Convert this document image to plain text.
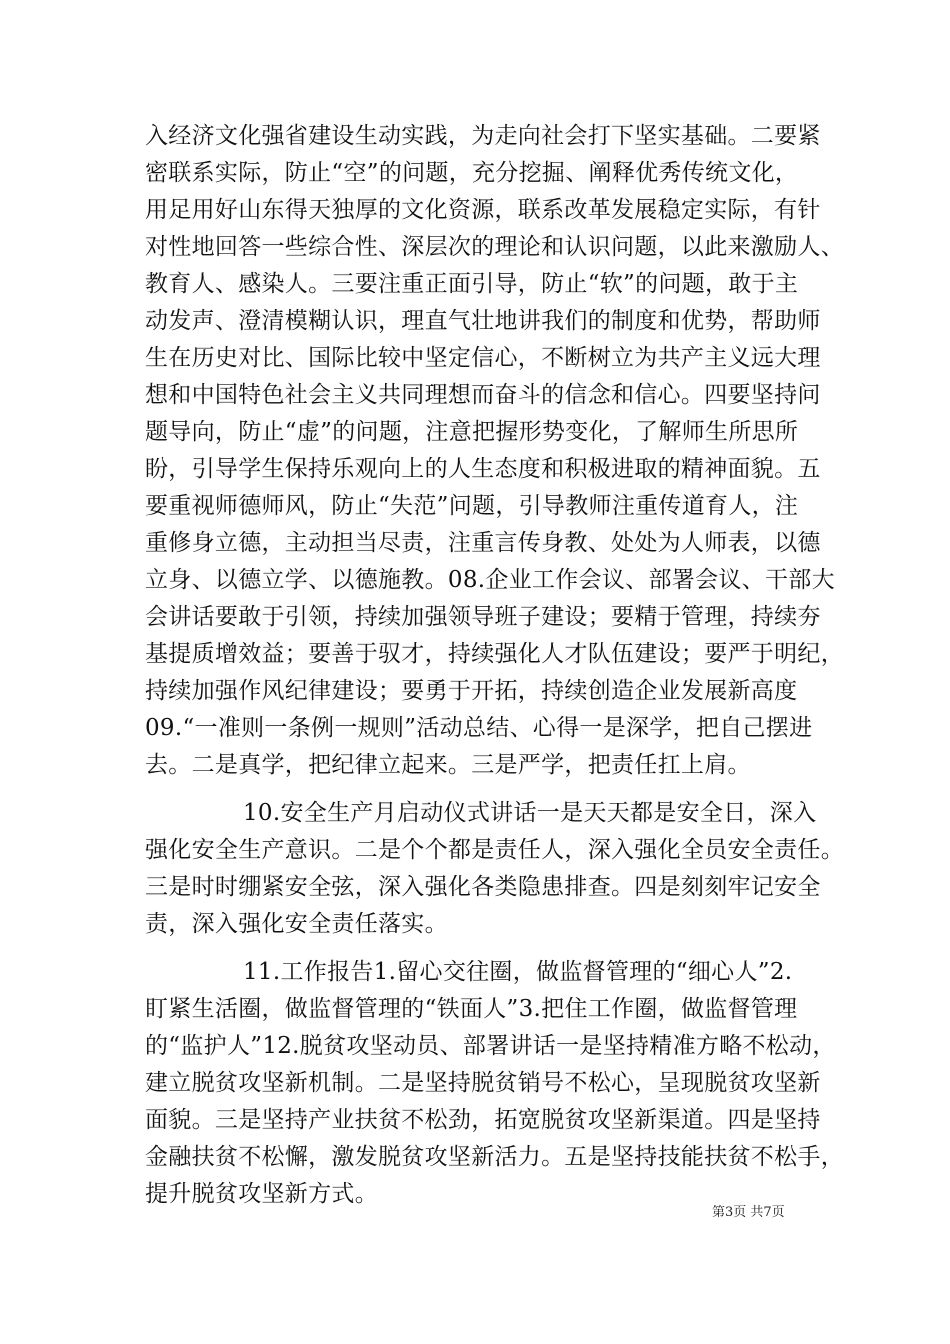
入经济文化强省建设生动实践，为走向社会打下坚实基础。二要紧
密联系实际，防止“空”的问题，充分挖掘、阐释优秀传统文化，
用足用好山东得天独厚的文化资源，联系改革发展稳定实际，有针
对性地回答一些综合性、深层次的理论和认识问题，以此来激励人、
教育人、感染人。三要注重正面引导，防止“软”的问题，敢于主
动发声、澄清模糊认识，理直气壮地讲我们的制度和优势，帮助师
生在历史对比、国际比较中坚定信心，不断树立为共产主义远大理
想和中国特色社会主义共同理想而奋斗的信念和信心。四要坚持问
题导向，防止“虚”的问题，注意把握形势变化，了解师生所思所
盼，引导学生保持乐观向上的人生态度和积极进取的精神面貌。五
要重视师德师风，防止“失范”问题，引导教师注重传道育人，注
重修身立德，主动担当尽责，注重言传身教、处处为人师表，以德
立身、以德立学、以德施教。08.企业工作会议、部署会议、干部大
会讲话要敢于引领，持续加强领导班子建设；要精于管理，持续夯
基提质增效益；要善于驭才，持续强化人才队伍建设；要严于明纪，
持续加强作风纪律建设；要勇于开拓，持续创造企业发展新高度
09.“一准则一条例一规则”活动总结、心得一是深学，把自己摆进
去。二是真学，把纪律立起来。三是严学，把责任扛上肩。
10.安全生产月启动仪式讲话一是天天都是安全日，深入
强化安全生产意识。二是个个都是责任人，深入强化全员安全责任。
三是时时绷紧安全弦，深入强化各类隐患排查。四是刻刻牢记安全
责，深入强化安全责任落实。
11.工作报告1.留心交往圈，做监督管理的“细心人”2.
盯紧生活圈，做监督管理的“铁面人”3.把住工作圈，做监督管理
的“监护人”12.脱贫攻坚动员、部署讲话一是坚持精准方略不松动，
建立脱贫攻坚新机制。二是坚持脱贫销号不松心，呈现脱贫攻坚新
面貌。三是坚持产业扶贫不松劲，拓宽脱贫攻坚新渠道。四是坚持
金融扶贫不松懈，激发脱贫攻坚新活力。五是坚持技能扶贫不松手，
提升脱贫攻坚新方式。
第3页 共7页
